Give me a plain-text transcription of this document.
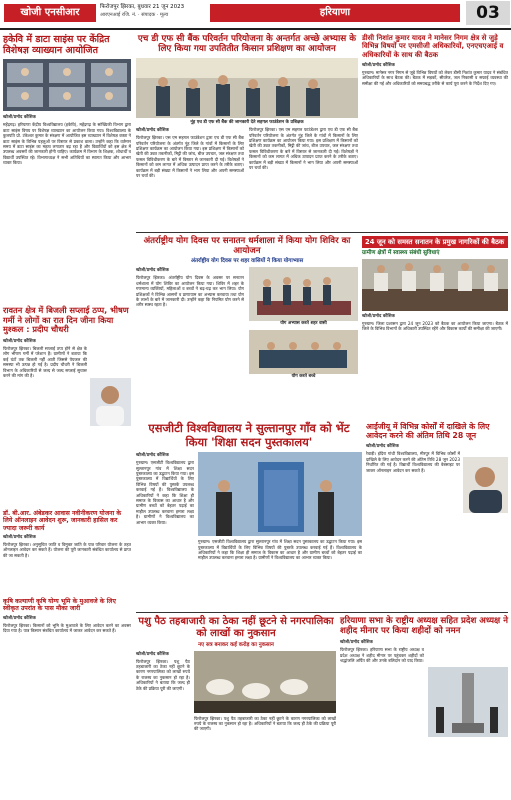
खोजी एनसीआर	फिरोजपुर झिरका, बुधवार 21 जून 2023
आरएनआई रजि. नं. · संपादक · मूल्य	हरियाणा	03
हकेवि में डाटा साइंस पर केंद्रित विशेषज्ञ व्याख्यान आयोजित
खोजी/प्रमोद कौशिक
महेंद्रगढ़। हरियाणा केंद्रीय विश्वविद्यालय (हकेवि), महेंद्रगढ़ के सांख्यिकी विभाग द्वारा डाटा साइंस विषय पर विशेषज्ञ व्याख्यान का आयोजन किया गया। विश्वविद्यालय के कुलपति प्रो. टंकेश्वर कुमार के संरक्षण में आयोजित इस व्याख्यान में विशेषज्ञ वक्ता ने डाटा साइंस के विभिन्न पहलुओं पर विस्तार से प्रकाश डाला। उन्होंने कहा कि वर्तमान समय में डाटा साइंस का महत्व लगातार बढ़ रहा है और विद्यार्थियों को इस क्षेत्र में उपलब्ध अवसरों की जानकारी होनी चाहिए। कार्यक्रम में विभाग के शिक्षक, शोधार्थी व विद्यार्थी उपस्थित रहे। विभागाध्यक्ष ने सभी अतिथियों का स्वागत किया और आभार व्यक्त किया।
एच डी एफ सी बैंक परिवर्तन परियोजना के अन्तर्गत अच्छे अभ्यास के लिए किया गया उपतितीत किसान प्रशिक्षण का आयोजन
नूंह एच डी एफ सी बैंक की जानकारी देते सहगल फाउंडेशन के प्रशिक्षक
खोजी/प्रमोद कौशिक
फिरोजपुर झिरका। एस एम सहगल फाउंडेशन द्वारा एच डी एफ सी बैंक परिवर्तन परियोजना के अंतर्गत नूंह जिले के गांवों में किसानों के लिए प्रशिक्षण कार्यक्रम का आयोजन किया गया। इस प्रशिक्षण में किसानों को खेती की उन्नत तकनीकों, मिट्टी की जांच, बीज उपचार, जल संरक्षण तथा फसल विविधीकरण के बारे में विस्तार से जानकारी दी गई। विशेषज्ञों ने किसानों को कम लागत में अधिक उत्पादन प्राप्त करने के तरीके बताए। कार्यक्रम में बड़ी संख्या में किसानों ने भाग लिया और अपनी समस्याओं पर चर्चा की।
फिरोजपुर झिरका। एस एम सहगल फाउंडेशन द्वारा एच डी एफ सी बैंक परिवर्तन परियोजना के अंतर्गत नूंह जिले के गांवों में किसानों के लिए प्रशिक्षण कार्यक्रम का आयोजन किया गया। इस प्रशिक्षण में किसानों को खेती की उन्नत तकनीकों, मिट्टी की जांच, बीज उपचार, जल संरक्षण तथा फसल विविधीकरण के बारे में विस्तार से जानकारी दी गई। विशेषज्ञों ने किसानों को कम लागत में अधिक उत्पादन प्राप्त करने के तरीके बताए। कार्यक्रम में बड़ी संख्या में किसानों ने भाग लिया और अपनी समस्याओं पर चर्चा की।
डीसी निशांत कुमार यादव ने मानेसर निगम क्षेत्र से जुड़े विभिन्न विषयों पर एमसीजी अधिकारियों, एनएचएआई व अधिकारियों के साथ की बैठक
खोजी/प्रमोद कौशिक
गुरुग्राम। मानेसर नगर निगम से जुड़े विभिन्न विषयों को लेकर डीसी निशांत कुमार यादव ने संबंधित अधिकारियों के साथ बैठक की। बैठक में सड़कों, सीवरेज, जल निकासी व सफाई व्यवस्था की समीक्षा की गई और अधिकारियों को समयबद्ध तरीके से कार्य पूरा करने के निर्देश दिए गए।
अंतर्राष्ट्रीय योग दिवस पर सनातन धर्मशाला में किया योग शिविर का आयोजन
अंतर्राष्ट्रीय योग दिवस पर शहर वासियों ने किया योगाभ्यास
खोजी/प्रमोद कौशिक
फिरोजपुर झिरका। अंतर्राष्ट्रीय योग दिवस के अवसर पर सनातन धर्मशाला में योग शिविर का आयोजन किया गया। शिविर में शहर के गणमान्य व्यक्तियों, महिलाओं व बच्चों ने बढ़-चढ़ कर भाग लिया। योग प्रशिक्षकों ने विभिन्न आसनों व प्राणायाम का अभ्यास करवाया तथा योग के लाभों के बारे में जानकारी दी। उन्होंने कहा कि नियमित योग करने से शरीर स्वस्थ रहता है।
योग अभ्यास करते शहर वासी
योग करते बच्चे
24 जून को समस्त सनातन के प्रमुख नागरिकों की बैठक
ग्रामीण क्षेत्रों में स्वास्थ्य संबंधी सुविधाएं
खोजी/प्रमोद कौशिक
गुरुग्राम। जिला प्रशासन द्वारा 24 जून 2023 को बैठक का आयोजन किया जाएगा। बैठक में जिले के विभिन्न विभागों के अधिकारी उपस्थित रहेंगे और विकास कार्यों की समीक्षा की जाएगी।
रावतन क्षेत्र में बिजली सप्लाई ठप्प, भीषण गर्मी ने लोगों का रात दिन जीना किया मुश्कल : प्रदीप चौधरी
खोजी/प्रमोद कौशिक
फिरोजपुर झिरका। बिजली सप्लाई ठप्प होने से क्षेत्र के लोग भीषण गर्मी में परेशान हैं। ग्रामीणों ने बताया कि कई घंटों तक बिजली नहीं आती जिससे पेयजल की समस्या भी उत्पन्न हो गई है। प्रदीप चौधरी ने बिजली विभाग के अधिकारियों से जल्द से जल्द सप्लाई सुचारू करने की मांग की है।
डॉ. बी.आर. अंबेडकर आवास नवीनीकरण योजना के लिये ऑनलाइन आवेदन शुरू, जानकारी हासिल कर ज्यादा जरूरी कार्य
खोजी/प्रमोद कौशिक
फिरोजपुर झिरका। अनुसूचित जाति व विमुक्त जाति के पात्र परिवार योजना के तहत ऑनलाइन आवेदन कर सकते हैं। योजना की पूरी जानकारी संबंधित कार्यालय से प्राप्त की जा सकती है।
कृषि कल्याणी कृषि योग्य भूमि के मुआवजे के लिए स्वीकृत उपरांत के पास मौका जारी
खोजी/प्रमोद कौशिक
फिरोजपुर झिरका। किसानों को भूमि के मुआवजे के लिए आवेदन करने का अवसर दिया गया है। पात्र किसान संबंधित कार्यालय में जाकर आवेदन कर सकते हैं।
एसजीटी विश्वविद्यालय ने सुल्तानपुर गाँव को भेंट किया 'शिक्षा सदन पुस्तकालय'
खोजी/प्रमोद कौशिक
गुरुग्राम। एसजीटी विश्वविद्यालय द्वारा सुल्तानपुर गांव में शिक्षा सदन पुस्तकालय का उद्घाटन किया गया। इस पुस्तकालय में विद्यार्थियों के लिए विभिन्न विषयों की पुस्तकें उपलब्ध करवाई गई हैं। विश्वविद्यालय के अधिकारियों ने कहा कि शिक्षा ही समाज के विकास का आधार है और ग्रामीण बच्चों को बेहतर पढ़ाई का माहौल उपलब्ध करवाना हमारा लक्ष्य है। ग्रामीणों ने विश्वविद्यालय का आभार व्यक्त किया।
गुरुग्राम। एसजीटी विश्वविद्यालय द्वारा सुल्तानपुर गांव में शिक्षा सदन पुस्तकालय का उद्घाटन किया गया। इस पुस्तकालय में विद्यार्थियों के लिए विभिन्न विषयों की पुस्तकें उपलब्ध करवाई गई हैं। विश्वविद्यालय के अधिकारियों ने कहा कि शिक्षा ही समाज के विकास का आधार है और ग्रामीण बच्चों को बेहतर पढ़ाई का माहौल उपलब्ध करवाना हमारा लक्ष्य है। ग्रामीणों ने विश्वविद्यालय का आभार व्यक्त किया।
आईजीयू में विभिन्न कोर्सों में दाखिले के लिए आवेदन करने की अंतिम तिथि 28 जून
खोजी/प्रमोद कौशिक
रेवाड़ी। इंदिरा गांधी विश्वविद्यालय, मीरपुर में विभिन्न कोर्सों में दाखिले के लिए आवेदन करने की अंतिम तिथि 28 जून 2023 निर्धारित की गई है। विद्यार्थी विश्वविद्यालय की वेबसाइट पर जाकर ऑनलाइन आवेदन कर सकते हैं।
पशु पैठ तहबाजारी का ठेका नहीं छूटने से नगरपालिका को लाखों का नुकसान
नए सत्र बनाकर कई करोड़ का नुकसान
खोजी/प्रमोद कौशिक
फिरोजपुर झिरका। पशु पैठ तहबाजारी का ठेका नहीं छूटने के कारण नगरपालिका को लाखों रुपये के राजस्व का नुकसान हो रहा है। अधिकारियों ने बताया कि जल्द ही ठेके की प्रक्रिया पूरी की जाएगी।
फिरोजपुर झिरका। पशु पैठ तहबाजारी का ठेका नहीं छूटने के कारण नगरपालिका को लाखों रुपये के राजस्व का नुकसान हो रहा है। अधिकारियों ने बताया कि जल्द ही ठेके की प्रक्रिया पूरी की जाएगी।
हरियाणा सभा के राष्ट्रीय अध्यक्ष सहित प्रदेश अध्यक्ष ने शहीद मीनार पर किया शहीदों को नमन
खोजी/प्रमोद कौशिक
फिरोजपुर झिरका। हरियाणा सभा के राष्ट्रीय अध्यक्ष व प्रदेश अध्यक्ष ने शहीद मीनार पर पहुंचकर शहीदों को श्रद्धांजलि अर्पित की और उनके बलिदान को याद किया।
